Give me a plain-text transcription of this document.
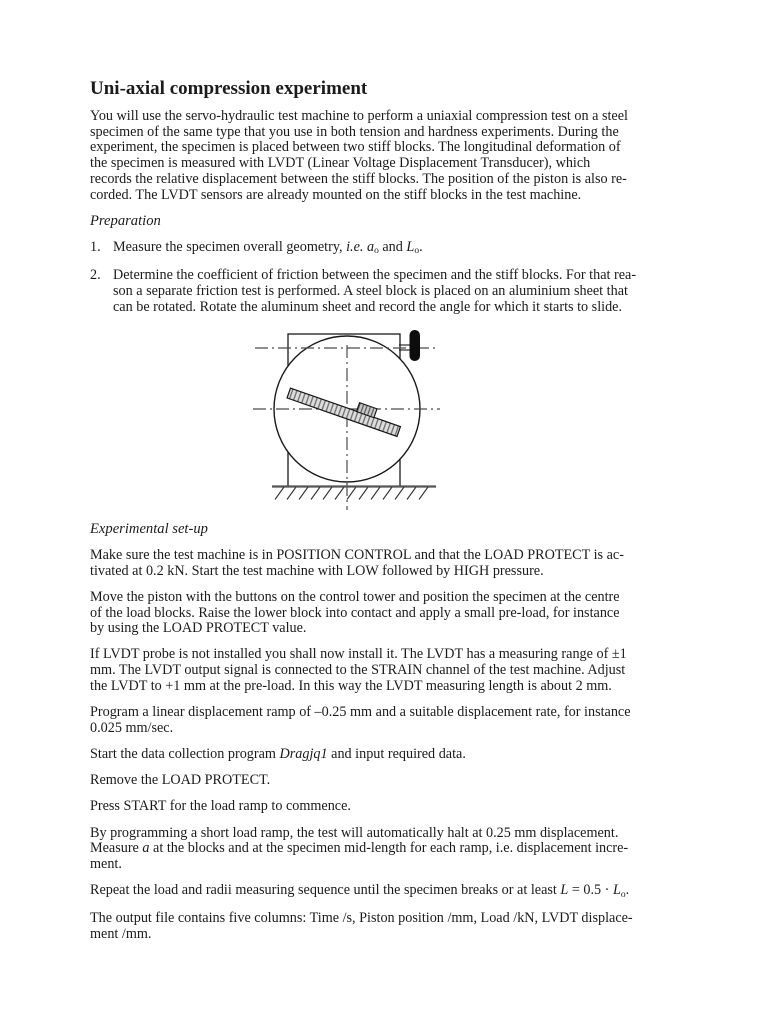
Uni-axial compression experiment
You will use the servo-hydraulic test machine to perform a uniaxial compression test on a steel
specimen of the same type that you use in both tension and hardness experiments. During the
experiment, the specimen is placed between two stiff blocks. The longitudinal deformation of
the specimen is measured with LVDT (Linear Voltage Displacement Transducer), which
records the relative displacement between the stiff blocks. The position of the piston is also re-
corded. The LVDT sensors are already mounted on the stiff blocks in the test machine.
Preparation
1. Measure the specimen overall geometry, i.e. ao and Lo.
2. Determine the coefficient of friction between the specimen and the stiff blocks. For that rea-
son a separate friction test is performed. A steel block is placed on an aluminium sheet that
can be rotated. Rotate the aluminum sheet and record the angle for which it starts to slide.
Experimental set-up
Make sure the test machine is in POSITION CONTROL and that the LOAD PROTECT is ac-
tivated at 0.2 kN. Start the test machine with LOW followed by HIGH pressure.
Move the piston with the buttons on the control tower and position the specimen at the centre
of the load blocks. Raise the lower block into contact and apply a small pre-load, for instance
by using the LOAD PROTECT value.
If LVDT probe is not installed you shall now install it. The LVDT has a measuring range of ±1
mm. The LVDT output signal is connected to the STRAIN channel of the test machine. Adjust
the LVDT to +1 mm at the pre-load. In this way the LVDT measuring length is about 2 mm.
Program a linear displacement ramp of –0.25 mm and a suitable displacement rate, for instance
0.025 mm/sec.
Start the data collection program Dragjq1 and input required data.
Remove the LOAD PROTECT.
Press START for the load ramp to commence.
By programming a short load ramp, the test will automatically halt at 0.25 mm displacement.
Measure a at the blocks and at the specimen mid-length for each ramp, i.e. displacement incre-
ment.
Repeat the load and radii measuring sequence until the specimen breaks or at least L = 0.5 · Lo.
The output file contains five columns: Time /s, Piston position /mm, Load /kN, LVDT displace-
ment /mm.
